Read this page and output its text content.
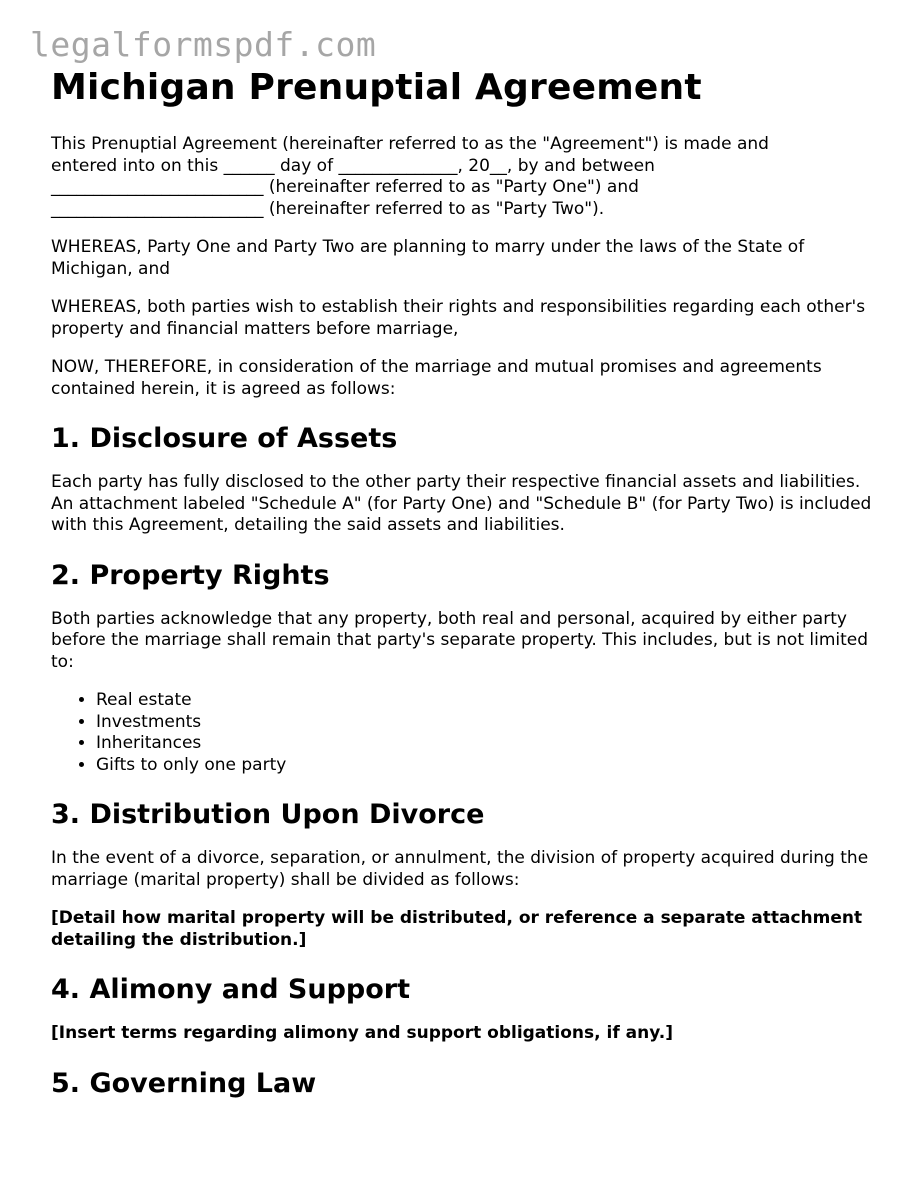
legalformspdf.com
Michigan Prenuptial Agreement

This Prenuptial Agreement (hereinafter referred to as the "Agreement") is made and
entered into on this ______ day of ______________, 20__, by and between
_________________________ (hereinafter referred to as "Party One") and
_________________________ (hereinafter referred to as "Party Two").

WHEREAS, Party One and Party Two are planning to marry under the laws of the State of Michigan, and

WHEREAS, both parties wish to establish their rights and responsibilities regarding each other's property and financial matters before marriage,

NOW, THEREFORE, in consideration of the marriage and mutual promises and agreements contained herein, it is agreed as follows:

1. Disclosure of Assets

Each party has fully disclosed to the other party their respective financial assets and liabilities. An attachment labeled "Schedule A" (for Party One) and "Schedule B" (for Party Two) is included with this Agreement, detailing the said assets and liabilities.

2. Property Rights

Both parties acknowledge that any property, both real and personal, acquired by either party before the marriage shall remain that party's separate property. This includes, but is not limited to:

• Real estate
• Investments
• Inheritances
• Gifts to only one party
3. Distribution Upon Divorce

In the event of a divorce, separation, or annulment, the division of property acquired during the marriage (marital property) shall be divided as follows:

[Detail how marital property will be distributed, or reference a separate attachment detailing the distribution.]

4. Alimony and Support

[Insert terms regarding alimony and support obligations, if any.]

5. Governing Law
